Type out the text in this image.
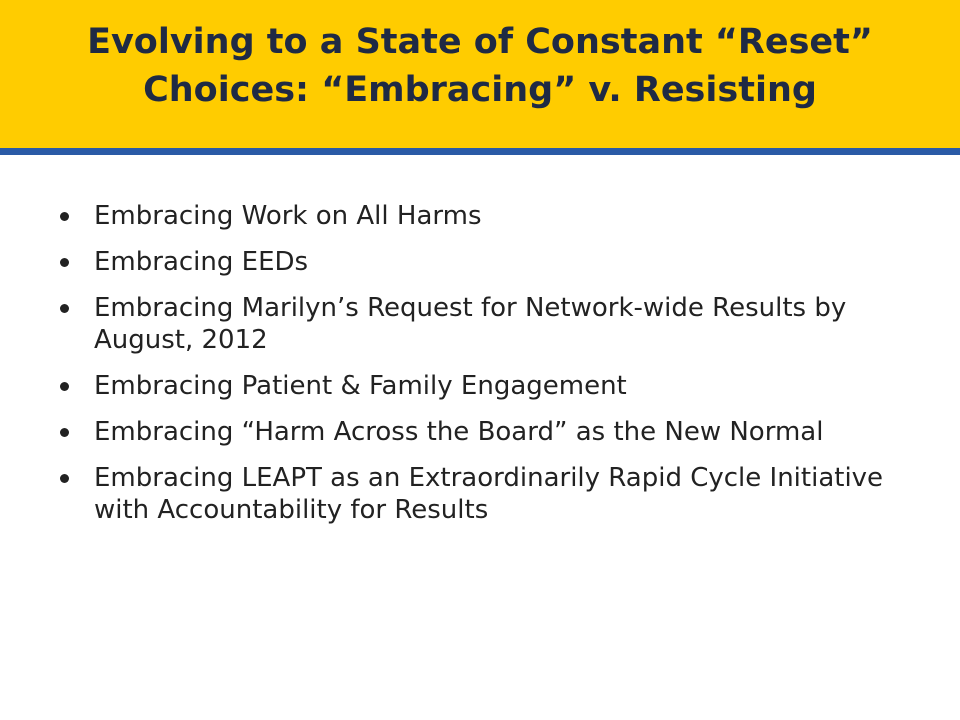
Evolving to a State of Constant “Reset”
Choices: “Embracing” v. Resisting
Embracing Work on All Harms
Embracing EEDs
Embracing Marilyn’s Request for Network-wide Results by August, 2012
Embracing Patient & Family Engagement
Embracing “Harm Across the Board” as the New Normal
Embracing LEAPT as an Extraordinarily Rapid Cycle Initiative with Accountability for Results
